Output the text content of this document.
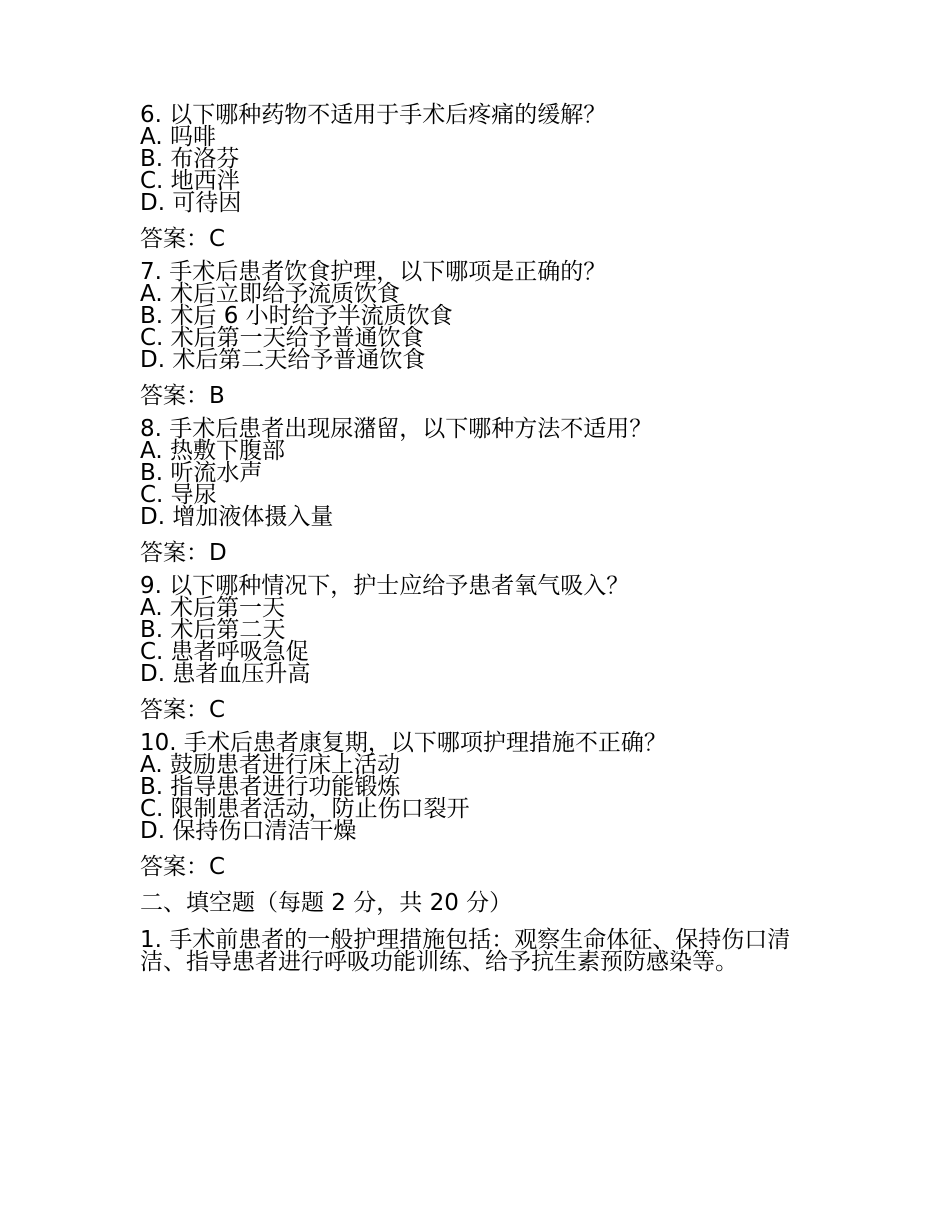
6. 以下哪种药物不适用于手术后疼痛的缓解？
A. 吗啡
B. 布洛芬
C. 地西泮
D. 可待因
答案：C
7. 手术后患者饮食护理，以下哪项是正确的？
A. 术后立即给予流质饮食
B. 术后 6 小时给予半流质饮食
C. 术后第一天给予普通饮食
D. 术后第二天给予普通饮食
答案：B
8. 手术后患者出现尿潴留，以下哪种方法不适用？
A. 热敷下腹部
B. 听流水声
C. 导尿
D. 增加液体摄入量
答案：D
9. 以下哪种情况下，护士应给予患者氧气吸入？
A. 术后第一天
B. 术后第二天
C. 患者呼吸急促
D. 患者血压升高
答案：C
10. 手术后患者康复期，以下哪项护理措施不正确？
A. 鼓励患者进行床上活动
B. 指导患者进行功能锻炼
C. 限制患者活动，防止伤口裂开
D. 保持伤口清洁干燥
答案：C
二、填空题（每题 2 分，共 20 分）
1. 手术前患者的一般护理措施包括：观察生命体征、保持伤口清洁、指导患者进行呼吸功能训练、给予抗生素预防感染等。
